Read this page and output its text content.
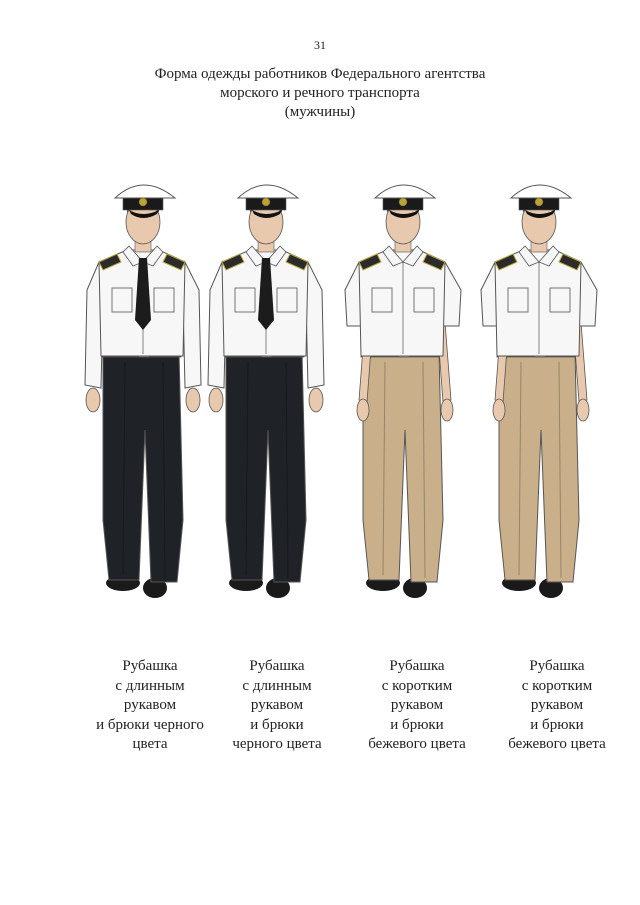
31
Форма одежды работников Федерального агентства
морского и речного транспорта
(мужчины)
Рубашка
с длинным
рукавом
и брюки черного
цвета
Рубашка
с длинным
рукавом
и брюки
черного цвета
Рубашка
с коротким
рукавом
и брюки
бежевого цвета
Рубашка
с коротким
рукавом
и брюки
бежевого цвета
